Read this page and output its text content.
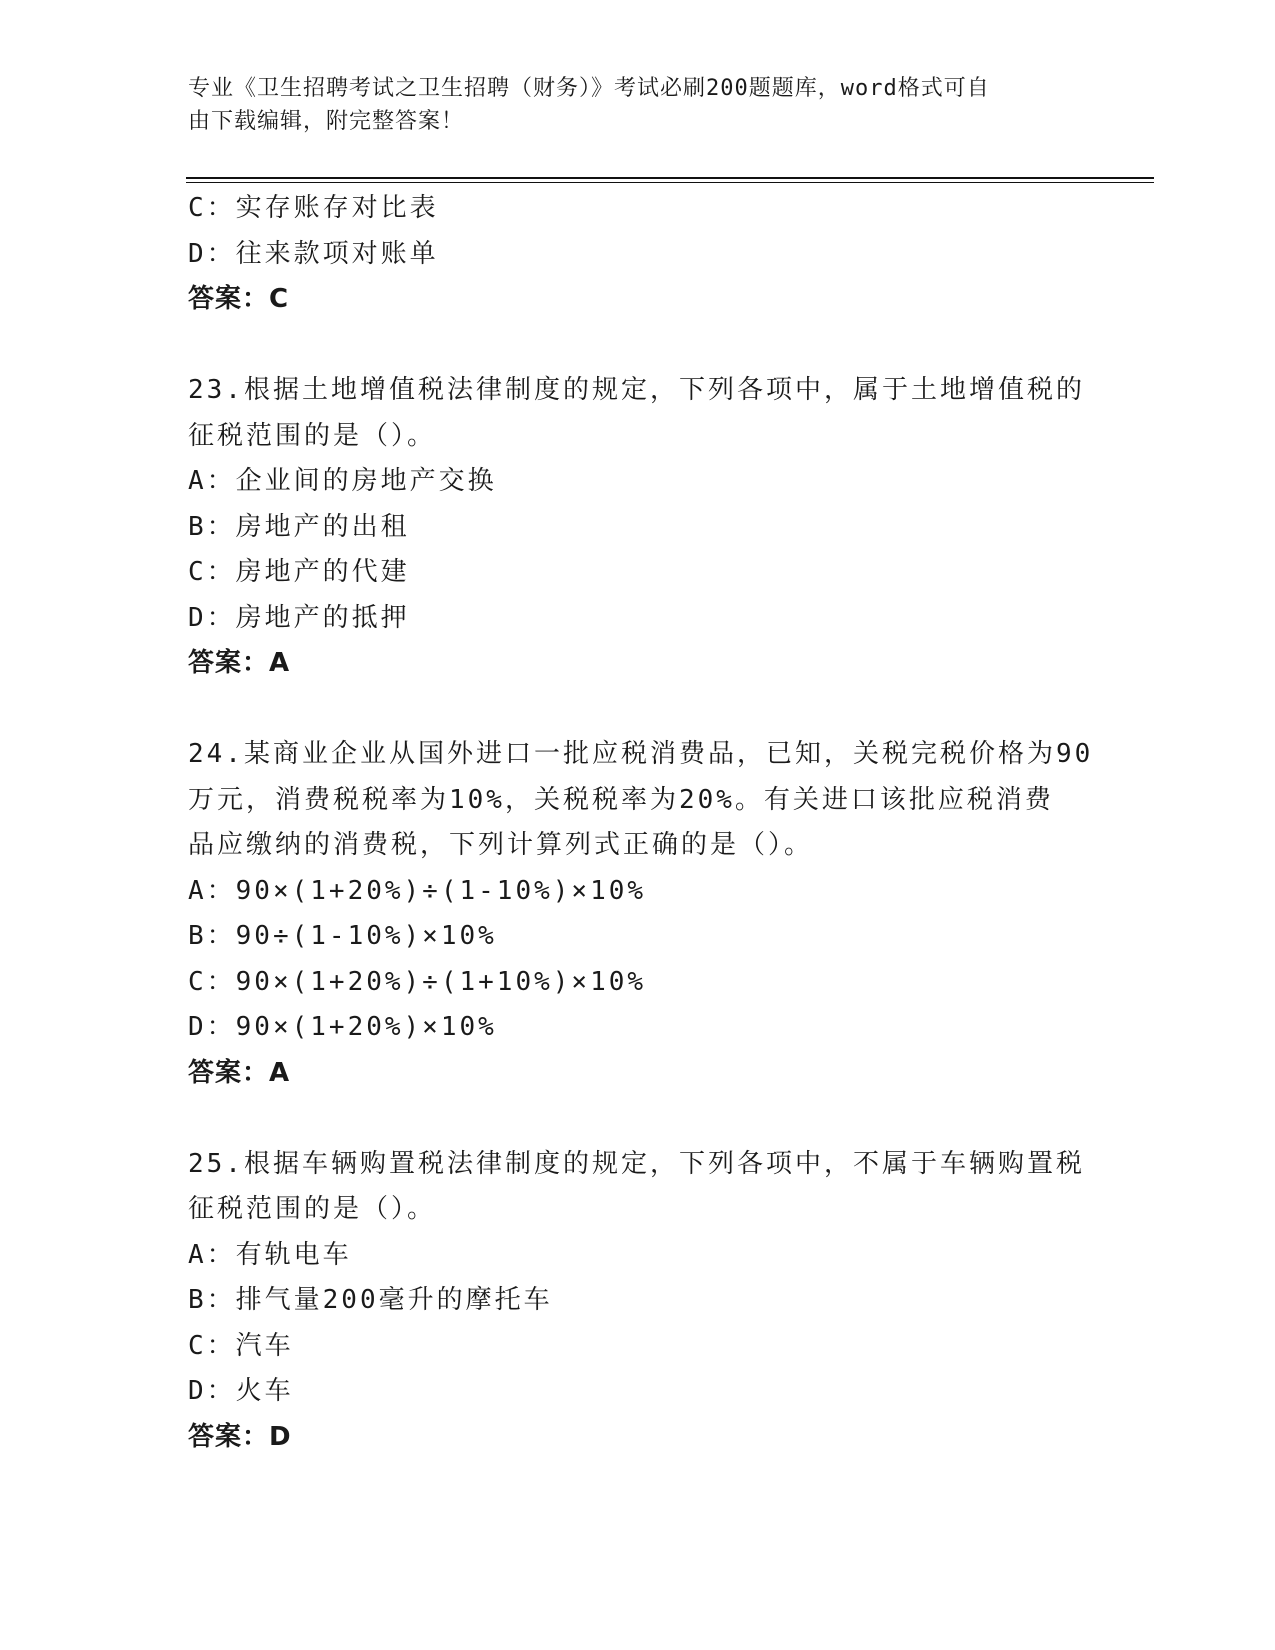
专业《卫生招聘考试之卫生招聘（财务）》考试必刷200题题库，word格式可自
由下载编辑，附完整答案！
C：实存账存对比表
D：往来款项对账单
答案：C
23.根据土地增值税法律制度的规定，下列各项中，属于土地增值税的
征税范围的是（）。
A：企业间的房地产交换
B：房地产的出租
C：房地产的代建
D：房地产的抵押
答案：A
24.某商业企业从国外进口一批应税消费品，已知，关税完税价格为90
万元，消费税税率为10%，关税税率为20%。有关进口该批应税消费
品应缴纳的消费税，下列计算列式正确的是（）。
A：90×(1+20%)÷(1-10%)×10%
B：90÷(1-10%)×10%
C：90×(1+20%)÷(1+10%)×10%
D：90×(1+20%)×10%
答案：A
25.根据车辆购置税法律制度的规定，下列各项中，不属于车辆购置税
征税范围的是（）。
A：有轨电车
B：排气量200毫升的摩托车
C：汽车
D：火车
答案：D
